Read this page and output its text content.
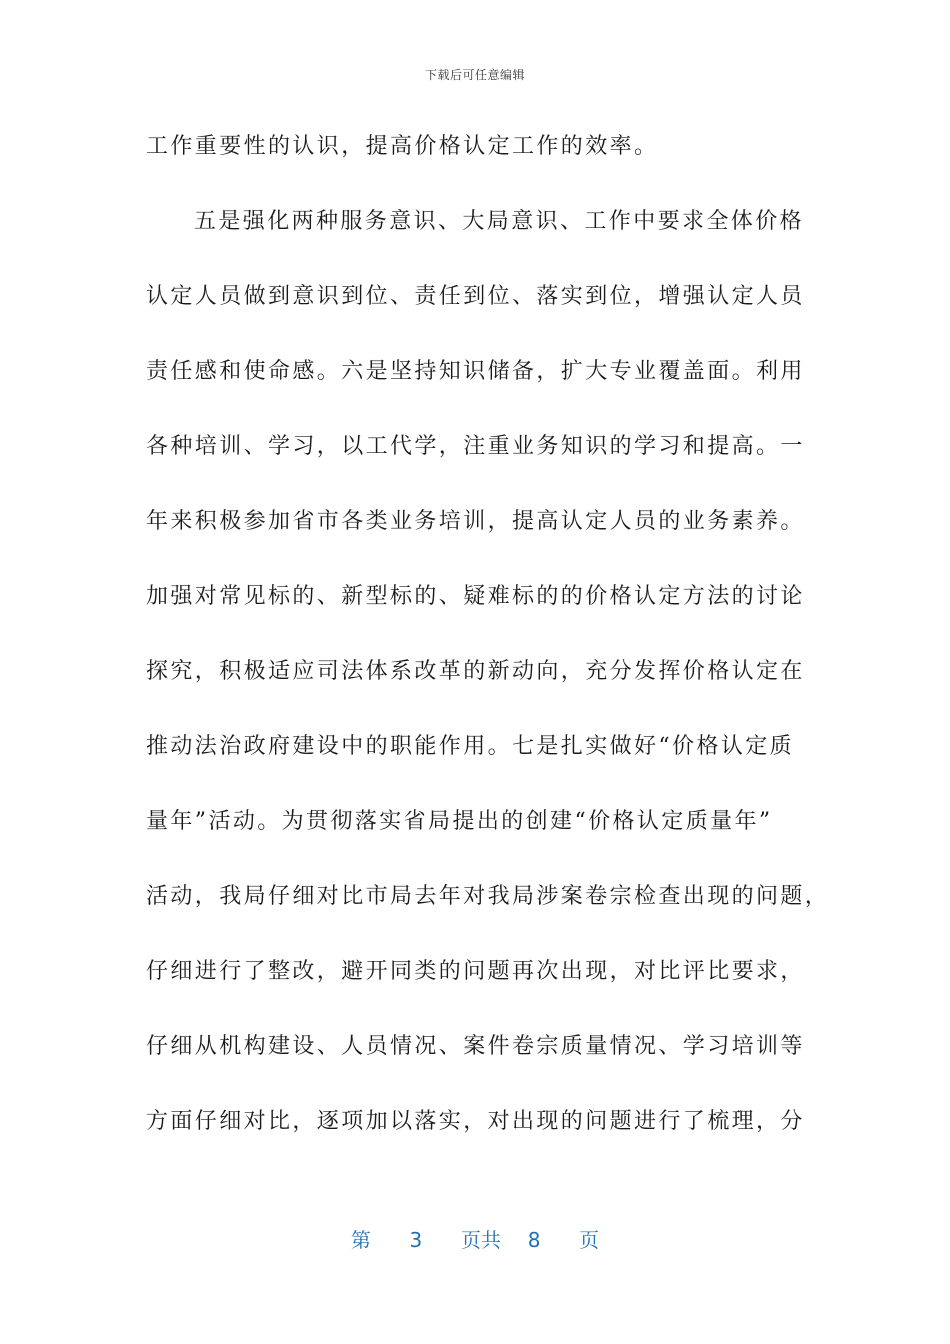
下载后可任意编辑
工作重要性的认识，提高价格认定工作的效率。
五是强化两种服务意识、大局意识、工作中要求全体价格
认定人员做到意识到位、责任到位、落实到位，增强认定人员
责任感和使命感。六是坚持知识储备，扩大专业覆盖面。利用
各种培训、学习，以工代学，注重业务知识的学习和提高。一
年来积极参加省市各类业务培训，提高认定人员的业务素养。
加强对常见标的、新型标的、疑难标的的价格认定方法的讨论
探究，积极适应司法体系改革的新动向，充分发挥价格认定在
推动法治政府建设中的职能作用。七是扎实做好“价格认定质
量年”活动。为贯彻落实省局提出的创建“价格认定质量年”
活动，我局仔细对比市局去年对我局涉案卷宗检查出现的问题，
仔细进行了整改，避开同类的问题再次出现，对比评比要求，
仔细从机构建设、人员情况、案件卷宗质量情况、学习培训等
方面仔细对比，逐项加以落实，对出现的问题进行了梳理，分
第 3 页共 8 页
